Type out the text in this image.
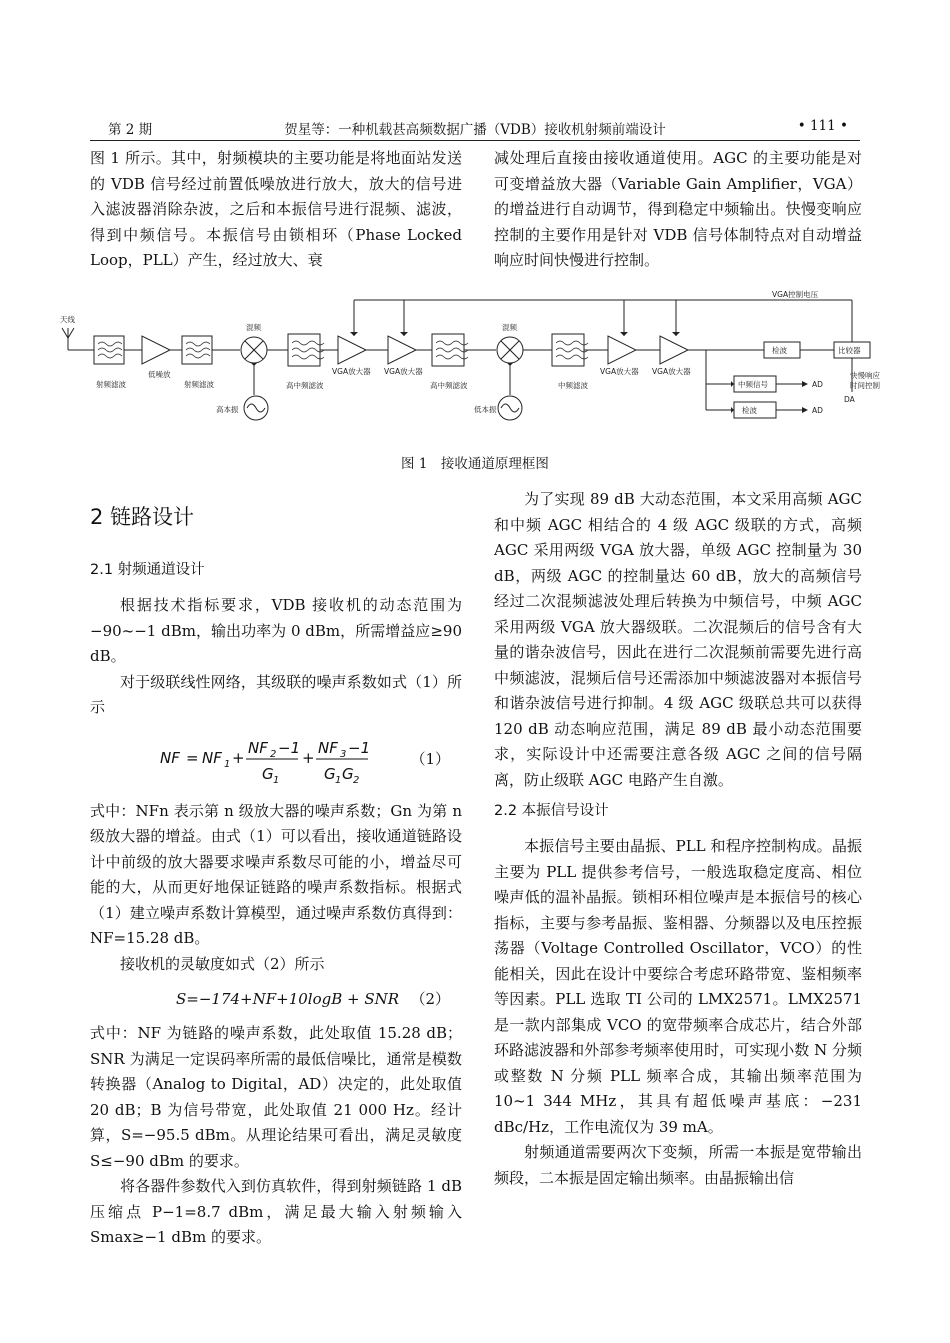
第 2 期	贺星等：一种机载甚高频数据广播（VDB）接收机射频前端设计	• 111 •

图 1 所示。其中，射频模块的主要功能是将地面站发送的 VDB 信号经过前置低噪放进行放大，放大的信号进入滤波器消除杂波，之后和本振信号进行混频、滤波，得到中频信号。本振信号由锁相环（Phase Locked Loop，PLL）产生，经过放大、衰

减处理后直接由接收通道使用。AGC 的主要功能是对可变增益放大器（Variable Gain Amplifier，VGA）的增益进行自动调节，得到稳定中频输出。快慢变响应控制的主要作用是针对 VDB 信号体制特点对自动增益响应时间快慢进行控制。

天线
射频滤波
低噪放
射频滤波
混频
高本振
高中频滤波
VGA放大器 VGA放大器
高中频滤波
混频
低本振
中频滤波
VGA放大器 VGA放大器
检波	比较器
VGA控制电压
中频信号
检波
AD
AD
快慢响应
时间控制
DA
图 1　接收通道原理框图
2 链路设计
2.1 射频通道设计

根据技术指标要求，VDB 接收机的动态范围为 −90~−1 dBm，输出功率为 0 dBm，所需增益应≥90 dB。

对于级联线性网络，其级联的噪声系数如式（1）所示

NF = NF 1 +
NF 2 −1
G 1
+
NF 3 −1
G 1 G 2
（1）

式中：NFn 表示第 n 级放大器的噪声系数；Gn 为第 n 级放大器的增益。由式（1）可以看出，接收通道链路设计中前级的放大器要求噪声系数尽可能的小，增益尽可能的大，从而更好地保证链路的噪声系数指标。根据式（1）建立噪声系数计算模型，通过噪声系数仿真得到：NF=15.28 dB。

接收机的灵敏度如式（2）所示

S=−174+NF+10logB + SNR （2）

式中：NF 为链路的噪声系数，此处取值 15.28 dB；SNR 为满足一定误码率所需的最低信噪比，通常是模数转换器（Analog to Digital，AD）决定的，此处取值 20 dB；B 为信号带宽，此处取值 21 000 Hz。经计算，S=−95.5 dBm。从理论结果可看出，满足灵敏度 S≤−90 dBm 的要求。

将各器件参数代入到仿真软件，得到射频链路 1 dB 压缩点 P−1=8.7 dBm，满足最大输入射频输入 Smax≥−1 dBm 的要求。

为了实现 89 dB 大动态范围，本文采用高频 AGC 和中频 AGC 相结合的 4 级 AGC 级联的方式，高频 AGC 采用两级 VGA 放大器，单级 AGC 控制量为 30 dB，两级 AGC 的控制量达 60 dB，放大的高频信号经过二次混频滤波处理后转换为中频信号，中频 AGC 采用两级 VGA 放大器级联。二次混频后的信号含有大量的谐杂波信号，因此在进行二次混频前需要先进行高中频滤波，混频后信号还需添加中频滤波器对本振信号和谐杂波信号进行抑制。4 级 AGC 级联总共可以获得 120 dB 动态响应范围，满足 89 dB 最小动态范围要求，实际设计中还需要注意各级 AGC 之间的信号隔离，防止级联 AGC 电路产生自激。

2.2 本振信号设计

本振信号主要由晶振、PLL 和程序控制构成。晶振主要为 PLL 提供参考信号，一般选取稳定度高、相位噪声低的温补晶振。锁相环相位噪声是本振信号的核心指标，主要与参考晶振、鉴相器、分频器以及电压控振荡器（Voltage Controlled Oscillator，VCO）的性能相关，因此在设计中要综合考虑环路带宽、鉴相频率等因素。PLL 选取 TI 公司的 LMX2571。LMX2571 是一款内部集成 VCO 的宽带频率合成芯片，结合外部环路滤波器和外部参考频率使用时，可实现小数 N 分频或整数 N 分频 PLL 频率合成，其输出频率范围为 10~1 344 MHz，其具有超低噪声基底：−231 dBc/Hz，工作电流仅为 39 mA。

射频通道需要两次下变频，所需一本振是宽带输出频段，二本振是固定输出频率。由晶振输出信
